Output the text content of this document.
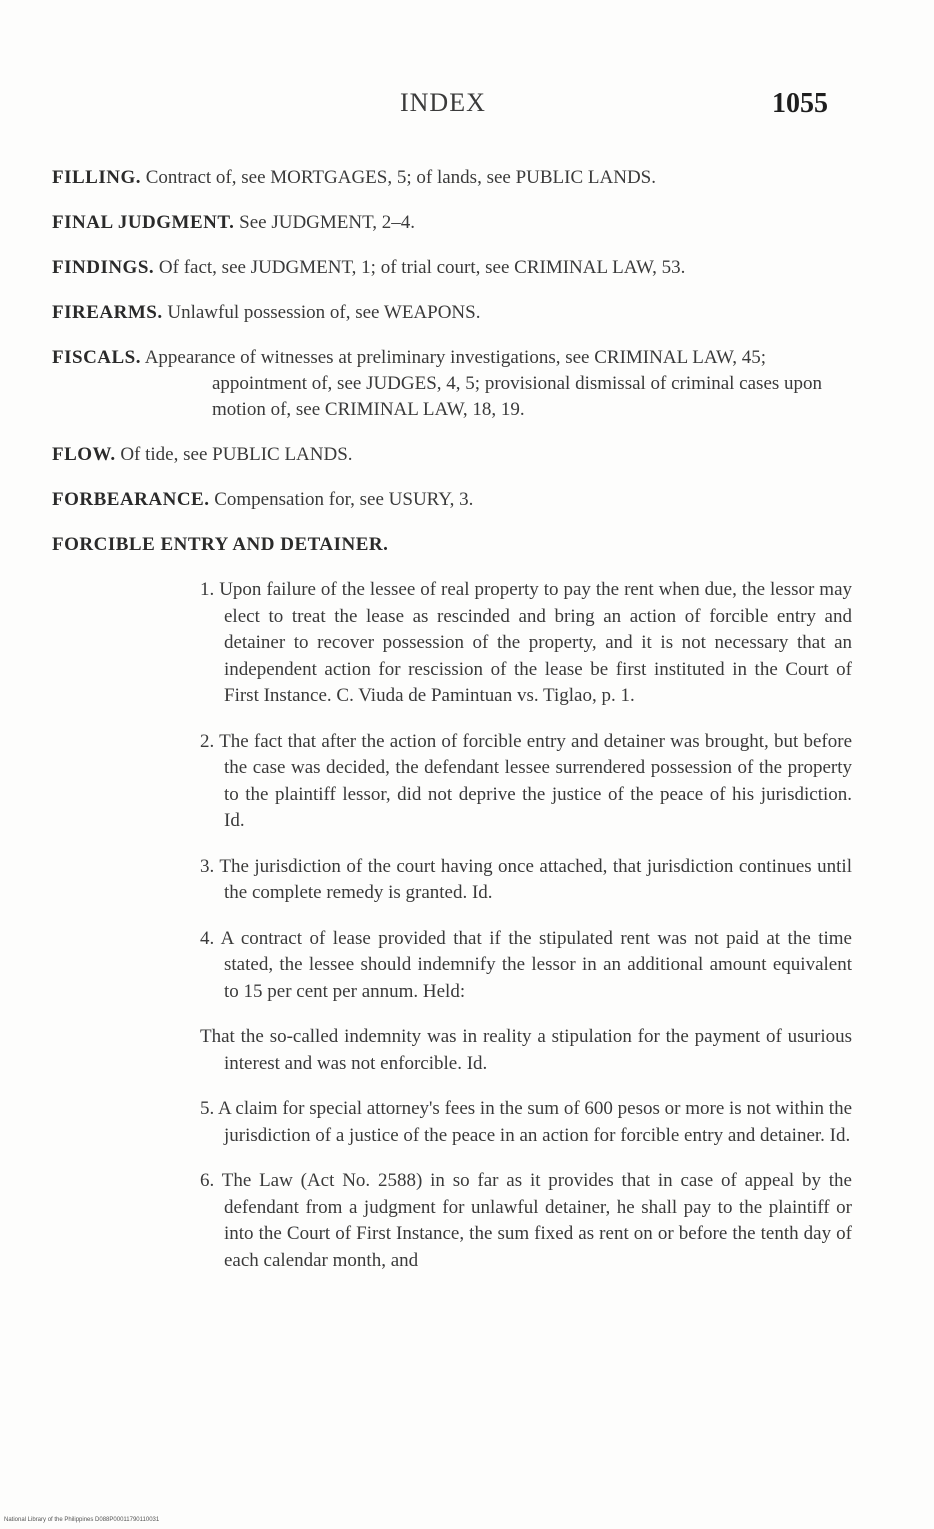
INDEX	1055

FILLING. Contract of, see MORTGAGES, 5; of lands, see PUBLIC LANDS.

FINAL JUDGMENT. See JUDGMENT, 2–4.

FINDINGS. Of fact, see JUDGMENT, 1; of trial court, see CRIMINAL LAW, 53.

FIREARMS. Unlawful possession of, see WEAPONS.

FISCALS. Appearance of witnesses at preliminary investigations, see CRIMINAL LAW, 45; appointment of, see JUDGES, 4, 5; provisional dismissal of criminal cases upon motion of, see CRIMINAL LAW, 18, 19.

FLOW. Of tide, see PUBLIC LANDS.

FORBEARANCE. Compensation for, see USURY, 3.

FORCIBLE ENTRY AND DETAINER.

1. Upon failure of the lessee of real property to pay the rent when due, the lessor may elect to treat the lease as rescinded and bring an action of forcible entry and detainer to recover possession of the property, and it is not necessary that an independent action for rescission of the lease be first instituted in the Court of First Instance. C. Viuda de Pamintuan vs. Tiglao, p. 1.

2. The fact that after the action of forcible entry and detainer was brought, but before the case was decided, the defendant lessee surrendered possession of the property to the plaintiff lessor, did not deprive the justice of the peace of his jurisdiction. Id.

3. The jurisdiction of the court having once attached, that jurisdiction continues until the complete remedy is granted. Id.

4. A contract of lease provided that if the stipulated rent was not paid at the time stated, the lessee should indemnify the lessor in an additional amount equivalent to 15 per cent per annum. Held:

That the so-called indemnity was in reality a stipulation for the payment of usurious interest and was not enforcible. Id.

5. A claim for special attorney's fees in the sum of 600 pesos or more is not within the jurisdiction of a justice of the peace in an action for forcible entry and detainer. Id.

6. The Law (Act No. 2588) in so far as it provides that in case of appeal by the defendant from a judgment for unlawful detainer, he shall pay to the plaintiff or into the Court of First Instance, the sum fixed as rent on or before the tenth day of each calendar month, and

National Library of the Philippines D088P0001179011003​1
